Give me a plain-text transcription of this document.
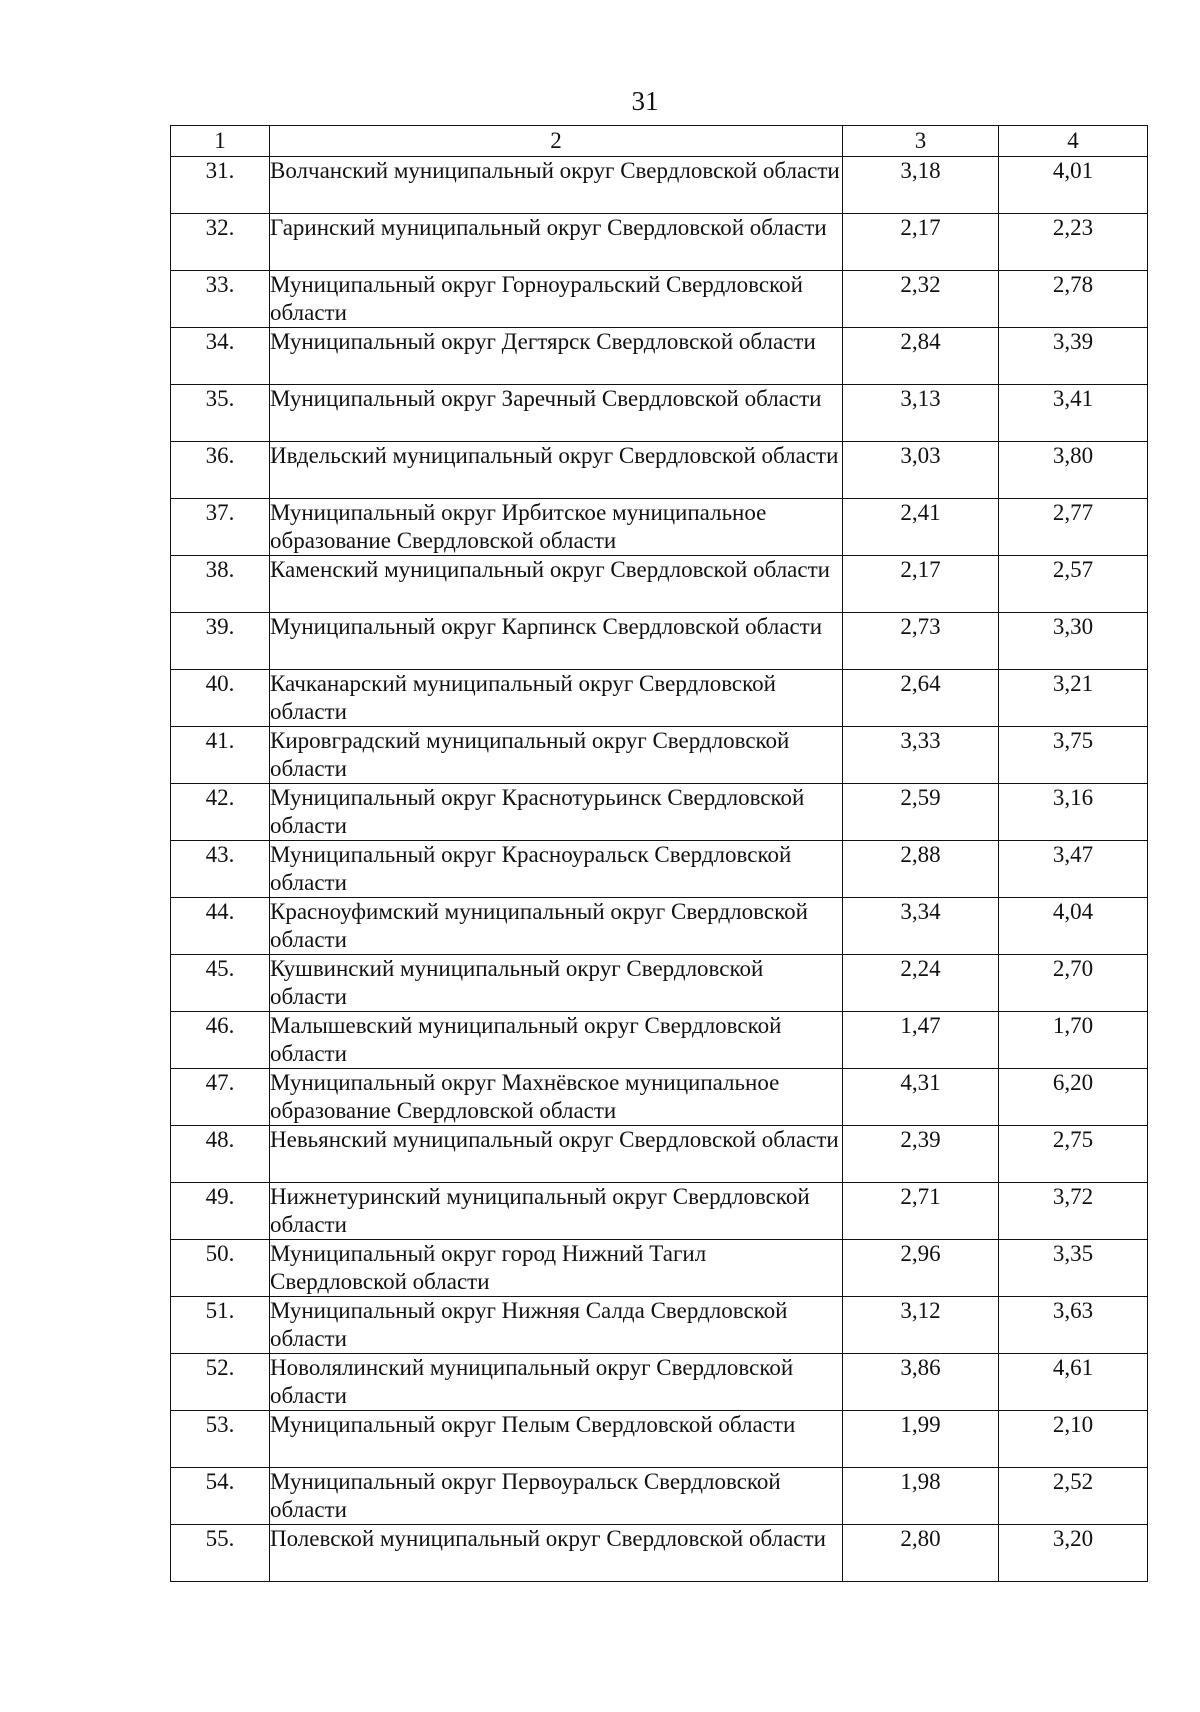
31
1	2	3	4
31.	Волчанский муниципальный округ Свердловской области	3,18	4,01
32.	Гаринский муниципальный округ Свердловской области	2,17	2,23
33.	Муниципальный округ Горноуральский Свердловской области	2,32	2,78
34.	Муниципальный округ Дегтярск Свердловской области	2,84	3,39
35.	Муниципальный округ Заречный Свердловской области	3,13	3,41
36.	Ивдельский муниципальный округ Свердловской области	3,03	3,80
37.	Муниципальный округ Ирбитское муниципальное образование Свердловской области	2,41	2,77
38.	Каменский муниципальный округ Свердловской области	2,17	2,57
39.	Муниципальный округ Карпинск Свердловской области	2,73	3,30
40.	Качканарский муниципальный округ Свердловской области	2,64	3,21
41.	Кировградский муниципальный округ Свердловской области	3,33	3,75
42.	Муниципальный округ Краснотурьинск Свердловской области	2,59	3,16
43.	Муниципальный округ Красноуральск Свердловской области	2,88	3,47
44.	Красноуфимский муниципальный округ Свердловской области	3,34	4,04
45.	Кушвинский муниципальный округ Свердловской области	2,24	2,70
46.	Малышевский муниципальный округ Свердловской области	1,47	1,70
47.	Муниципальный округ Махнёвское муниципальное образование Свердловской области	4,31	6,20
48.	Невьянский муниципальный округ Свердловской области	2,39	2,75
49.	Нижнетуринский муниципальный округ Свердловской области	2,71	3,72
50.	Муниципальный округ город Нижний Тагил Свердловской области	2,96	3,35
51.	Муниципальный округ Нижняя Салда Свердловской области	3,12	3,63
52.	Новолялинский муниципальный округ Свердловской области	3,86	4,61
53.	Муниципальный округ Пелым Свердловской области	1,99	2,10
54.	Муниципальный округ Первоуральск Свердловской области	1,98	2,52
55.	Полевской муниципальный округ Свердловской области	2,80	3,20
